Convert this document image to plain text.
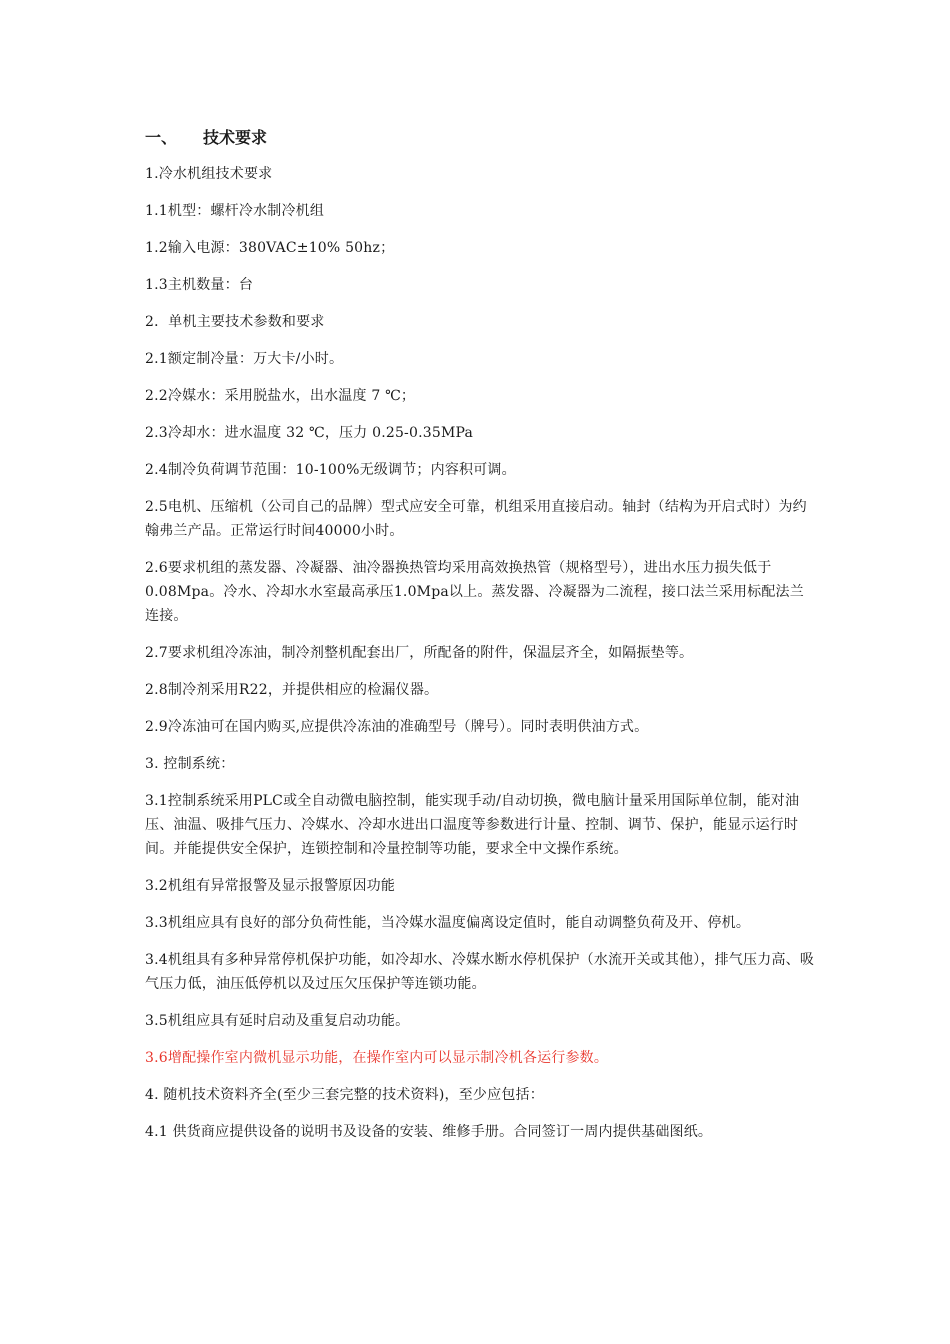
一、 技术要求

1.冷水机组技术要求

1.1机型：螺杆冷水制冷机组

1.2输入电源：380VAC±10% 50hz；

1.3主机数量：台

2．单机主要技术参数和要求

2.1额定制冷量：万大卡/小时。

2.2冷媒水：采用脱盐水，出水温度 7 ℃；

2.3冷却水：进水温度 32 ℃，压力 0.25-0.35MPa

2.4制冷负荷调节范围：10-100%无级调节；内容积可调。

2.5电机、压缩机（公司自己的品牌）型式应安全可靠，机组采用直接启动。轴封（结构为开启式时）为约翰弗兰产品。正常运行时间40000小时。

2.6要求机组的蒸发器、冷凝器、油冷器换热管均采用高效换热管（规格型号），进出水压力损失低于0.08Mpa。冷水、冷却水水室最高承压1.0Mpa以上。蒸发器、冷凝器为二流程，接口法兰采用标配法兰连接。

2.7要求机组冷冻油，制冷剂整机配套出厂，所配备的附件，保温层齐全，如隔振垫等。

2.8制冷剂采用R22，并提供相应的检漏仪器。

2.9冷冻油可在国内购买,应提供冷冻油的准确型号（牌号）。同时表明供油方式。

3. 控制系统：

3.1控制系统采用PLC或全自动微电脑控制，能实现手动/自动切换，微电脑计量采用国际单位制，能对油压、油温、吸排气压力、冷媒水、冷却水进出口温度等参数进行计量、控制、调节、保护，能显示运行时间。并能提供安全保护，连锁控制和冷量控制等功能，要求全中文操作系统。

3.2机组有异常报警及显示报警原因功能

3.3机组应具有良好的部分负荷性能，当冷媒水温度偏离设定值时，能自动调整负荷及开、停机。

3.4机组具有多种异常停机保护功能，如冷却水、冷媒水断水停机保护（水流开关或其他），排气压力高、吸气压力低，油压低停机以及过压欠压保护等连锁功能。

3.5机组应具有延时启动及重复启动功能。

3.6增配操作室内微机显示功能，在操作室内可以显示制冷机各运行参数。

4. 随机技术资料齐全(至少三套完整的技术资料)，至少应包括：

4.1 供货商应提供设备的说明书及设备的安装、维修手册。合同签订一周内提供基础图纸。
